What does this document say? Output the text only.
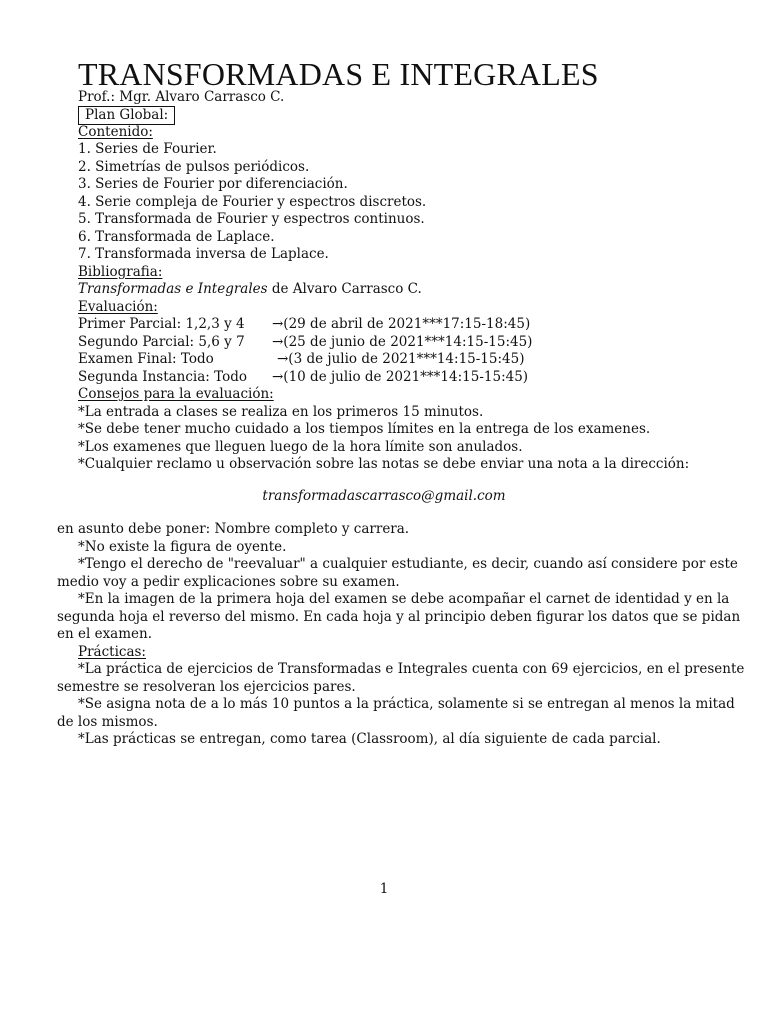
TRANSFORMADAS E INTEGRALES
Prof.: Mgr. Alvaro Carrasco C.
Plan Global:
Contenido:
1. Series de Fourier.
2. Simetrías de pulsos periódicos.
3. Series de Fourier por diferenciación.
4. Serie compleja de Fourier y espectros discretos.
5. Transformada de Fourier y espectros continuos.
6. Transformada de Laplace.
7. Transformada inversa de Laplace.
Bibliografia:
Transformadas e Integrales de Alvaro Carrasco C.
Evaluación:
Primer Parcial: 1,2,3 y 4 →(29 de abril de 2021***17:15-18:45)
Segundo Parcial: 5,6 y 7 →(25 de junio de 2021***14:15-15:45)
Examen Final: Todo	→(3 de julio de 2021***14:15-15:45)
Segunda Instancia: Todo →(10 de julio de 2021***14:15-15:45)
Consejos para la evaluación:
*La entrada a clases se realiza en los primeros 15 minutos.
*Se debe tener mucho cuidado a los tiempos límites en la entrega de los examenes.
*Los examenes que lleguen luego de la hora límite son anulados.
*Cualquier reclamo u observación sobre las notas se debe enviar una nota a la dirección:
transformadascarrasco@gmail.com
en asunto debe poner: Nombre completo y carrera.
*No existe la figura de oyente.
*Tengo el derecho de "reevaluar" a cualquier estudiante, es decir, cuando así considere por este
medio voy a pedir explicaciones sobre su examen.
*En la imagen de la primera hoja del examen se debe acompañar el carnet de identidad y en la
segunda hoja el reverso del mismo. En cada hoja y al principio deben figurar los datos que se pidan
en el examen.
Prácticas:
*La práctica de ejercicios de Transformadas e Integrales cuenta con 69 ejercicios, en el presente
semestre se resolveran los ejercicios pares.
*Se asigna nota de a lo más 10 puntos a la práctica, solamente si se entregan al menos la mitad
de los mismos.
*Las prácticas se entregan, como tarea (Classroom), al día siguiente de cada parcial.
1
